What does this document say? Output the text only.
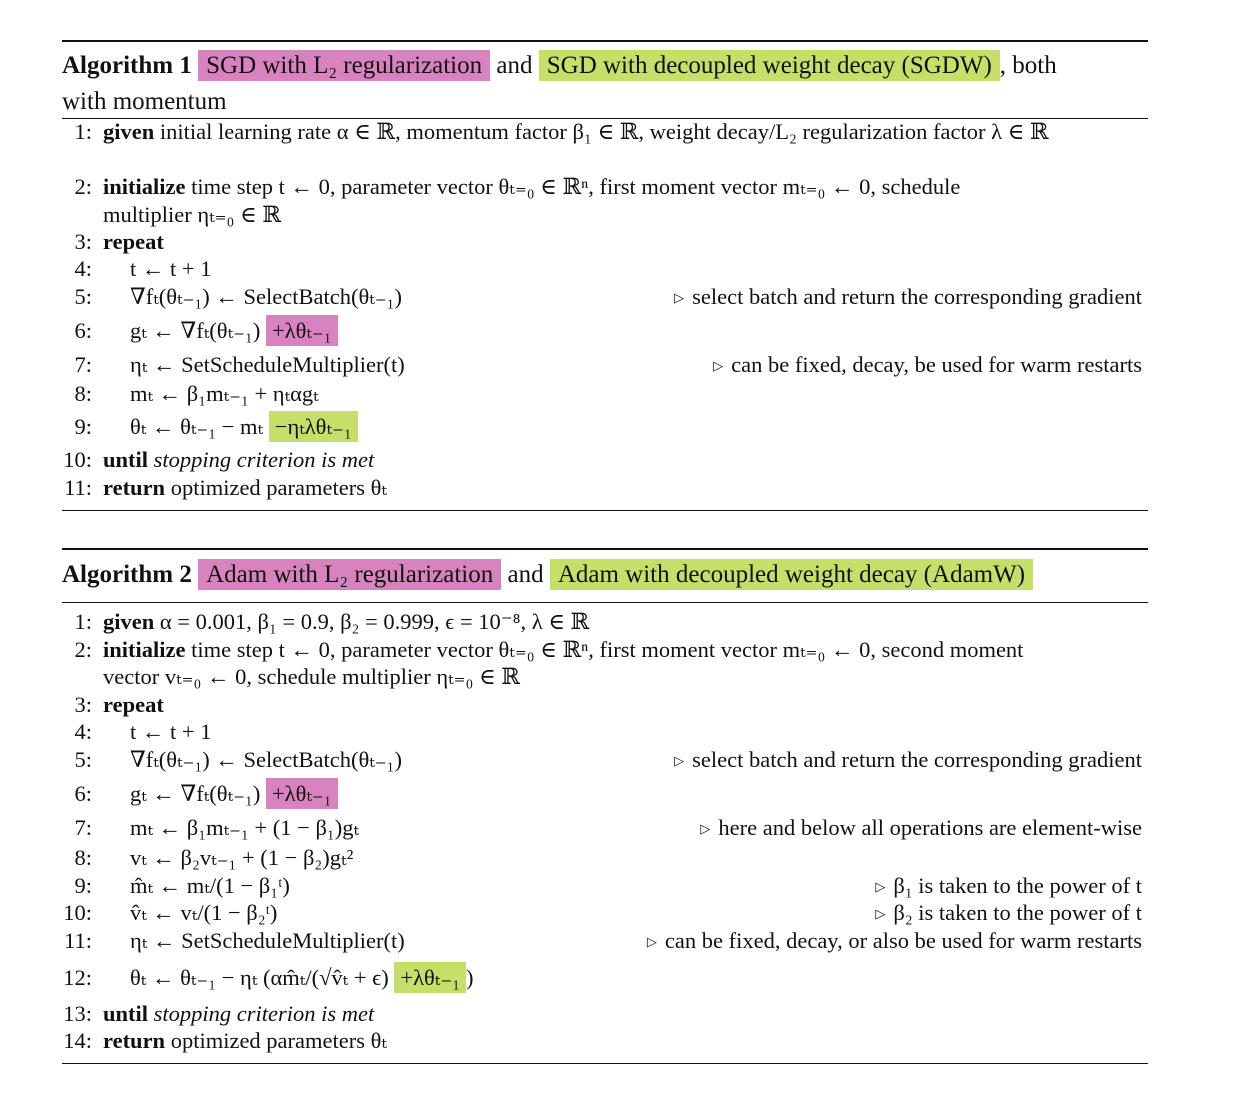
Algorithm 1 SGD with L₂ regularization and SGD with decoupled weight decay (SGDW) , both
with momentum
1: given initial learning rate α ∈ ℝ, momentum factor β₁ ∈ ℝ, weight decay/L₂ regularization factor λ ∈ ℝ
2: initialize time step t ← 0, parameter vector θₜ₌₀ ∈ ℝⁿ, first moment vector mₜ₌₀ ← 0, schedule
multiplier ηₜ₌₀ ∈ ℝ
3: repeat
4: t ← t + 1
5: ∇fₜ(θₜ₋₁) ← SelectBatch(θₜ₋₁)	▷ select batch and return the corresponding gradient
6: gₜ ← ∇fₜ(θₜ₋₁) +λθₜ₋₁
7: ηₜ ← SetScheduleMultiplier(t)	▷ can be fixed, decay, be used for warm restarts
8: mₜ ← β₁mₜ₋₁ + ηₜαgₜ
9: θₜ ← θₜ₋₁ − mₜ −ηₜλθₜ₋₁
10: until stopping criterion is met
11: return optimized parameters θₜ
Algorithm 2 Adam with L₂ regularization and Adam with decoupled weight decay (AdamW)
1: given α = 0.001, β₁ = 0.9, β₂ = 0.999, ϵ = 10⁻⁸, λ ∈ ℝ
2: initialize time step t ← 0, parameter vector θₜ₌₀ ∈ ℝⁿ, first moment vector mₜ₌₀ ← 0, second moment
vector vₜ₌₀ ← 0, schedule multiplier ηₜ₌₀ ∈ ℝ
3: repeat
4: t ← t + 1
5: ∇fₜ(θₜ₋₁) ← SelectBatch(θₜ₋₁)	▷ select batch and return the corresponding gradient
6: gₜ ← ∇fₜ(θₜ₋₁) +λθₜ₋₁
7: mₜ ← β₁mₜ₋₁ + (1 − β₁)gₜ	▷ here and below all operations are element-wise
8: vₜ ← β₂vₜ₋₁ + (1 − β₂)gₜ²
9: m̂ₜ ← mₜ/(1 − β₁ᵗ)	▷ β₁ is taken to the power of t
10: v̂ₜ ← vₜ/(1 − β₂ᵗ)	▷ β₂ is taken to the power of t
11: ηₜ ← SetScheduleMultiplier(t)	▷ can be fixed, decay, or also be used for warm restarts
12: θₜ ← θₜ₋₁ − ηₜ (αm̂ₜ/(√v̂ₜ + ϵ) +λθₜ₋₁ )
13: until stopping criterion is met
14: return optimized parameters θₜ
